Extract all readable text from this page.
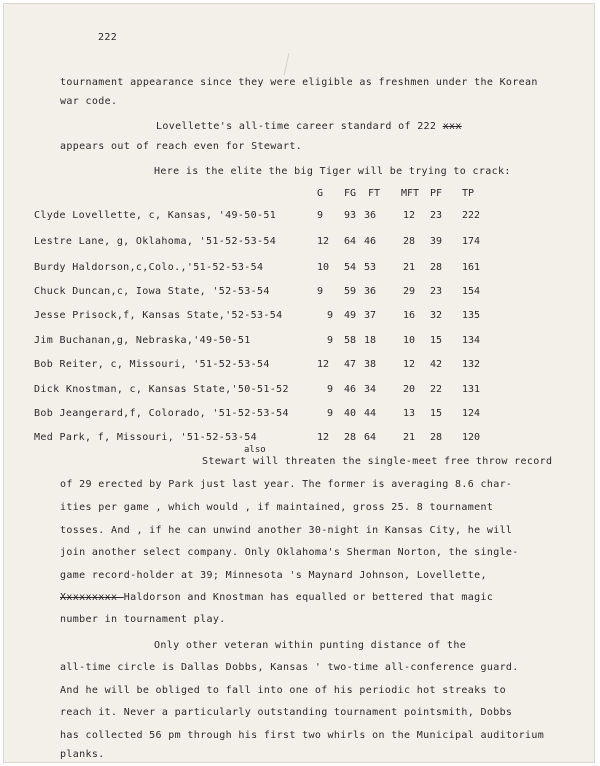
222
tournament appearance since they were eligible as freshmen under the Korean
war code.
Lovellette's all-time career standard of 222 xxx
appears out of reach even for Stewart.
Here is the elite the big Tiger will be trying to crack:
G FG FT MFT PF TP
Clyde Lovellette, c, Kansas, '49-50-51	9 93 36	12 23 222
Lestre Lane, g, Oklahoma, '51-52-53-54	12 64 46	28 39 174
Burdy Haldorson,c,Colo.,'51-52-53-54	10 54 53	21 28 161
Chuck Duncan,c, Iowa State, '52-53-54	9 59 36	29 23 154
Jesse Prisock,f, Kansas State,'52-53-54	9 49 37	16 32 135
Jim Buchanan,g, Nebraska,'49-50-51	9 58 18	10 15 134
Bob Reiter, c, Missouri, '51-52-53-54	12 47 38	12 42 132
Dick Knostman, c, Kansas State,'50-51-52	9 46 34	20 22 131
Bob Jeangerard,f, Colorado, '51-52-53-54	9 40 44	13 15 124
Med Park, f, Missouri, '51-52-53-54	12 28 64	21 28 120
also
Stewart will threaten the single-meet free throw record
of 29 erected by Park just last year. The former is averaging 8.6 char-
ities per game , which would , if maintained, gross 25. 8 tournament
tosses. And , if he can unwind another 30-night in Kansas City, he will
join another select company. Only Oklahoma's Sherman Norton, the single-
game record-holder at 39; Minnesota 's Maynard Johnson, Lovellette,
Xxxxxxxxx Haldorson and Knostman has equalled or bettered that magic
number in tournament play.
Only other veteran within punting distance of the
all-time circle is Dallas Dobbs, Kansas ' two-time all-conference guard.
And he will be obliged to fall into one of his periodic hot streaks to
reach it. Never a particularly outstanding tournament pointsmith, Dobbs
has collected 56 pm through his first two whirls on the Municipal auditorium
planks.
